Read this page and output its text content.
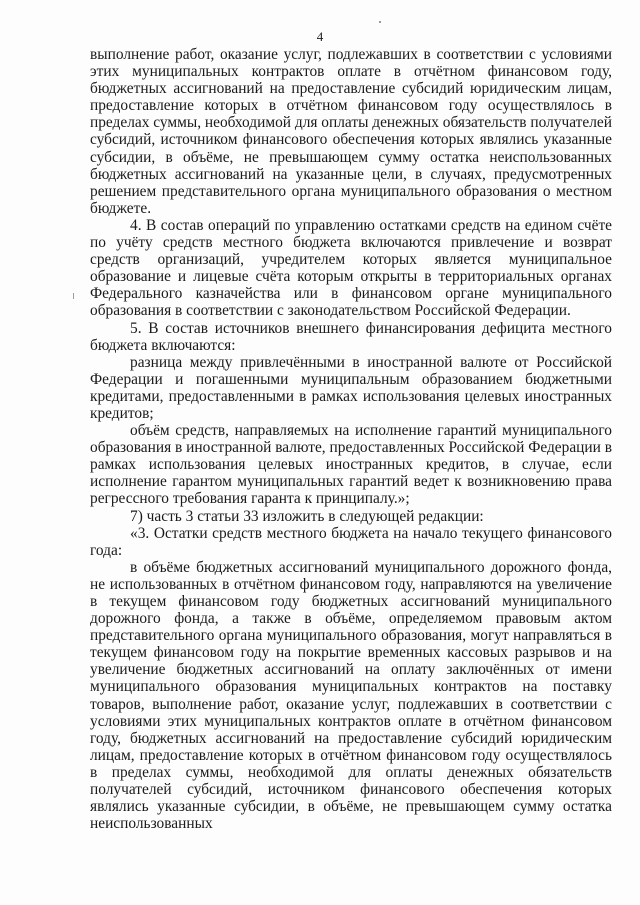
4

выполнение работ, оказание услуг, подлежавших в соответствии с условиями этих муниципальных контрактов оплате в отчётном финансовом году, бюджетных ассигнований на предоставление субсидий юридическим лицам, предоставление которых в отчётном финансовом году осуществлялось в пределах суммы, необходимой для оплаты денежных обязательств получателей субсидий, источником финансового обеспечения которых являлись указанные субсидии, в объёме, не превышающем сумму остатка неиспользованных бюджетных ассигнований на указанные цели, в случаях, предусмотренных решением представительного органа муниципального образования о местном бюджете.

4. В состав операций по управлению остатками средств на едином счёте по учёту средств местного бюджета включаются привлечение и возврат средств организаций, учредителем которых является муниципальное образование и лицевые счёта которым открыты в территориальных органах Федерального казначейства или в финансовом органе муниципального образования в соответствии с законодательством Российской Федерации.

5. В состав источников внешнего финансирования дефицита местного бюджета включаются:

разница между привлечёнными в иностранной валюте от Российской Федерации и погашенными муниципальным образованием бюджетными кредитами, предоставленными в рамках использования целевых иностранных кредитов;

объём средств, направляемых на исполнение гарантий муниципального образования в иностранной валюте, предоставленных Российской Федерации в рамках использования целевых иностранных кредитов, в случае, если исполнение гарантом муниципальных гарантий ведет к возникновению права регрессного требования гаранта к принципалу.»;

7) часть 3 статьи 33 изложить в следующей редакции:

«3. Остатки средств местного бюджета на начало текущего финансового года:

в объёме бюджетных ассигнований муниципального дорожного фонда, не использованных в отчётном финансовом году, направляются на увеличение в текущем финансовом году бюджетных ассигнований муниципального дорожного фонда, а также в объёме, определяемом правовым актом представительного органа муниципального образования, могут направляться в текущем финансовом году на покрытие временных кассовых разрывов и на увеличение бюджетных ассигнований на оплату заключённых от имени муниципального образования муниципальных контрактов на поставку товаров, выполнение работ, оказание услуг, подлежавших в соответствии с условиями этих муниципальных контрактов оплате в отчётном финансовом году, бюджетных ассигнований на предоставление субсидий юридическим лицам, предоставление которых в отчётном финансовом году осуществлялось в пределах суммы, необходимой для оплаты денежных обязательств получателей субсидий, источником финансового обеспечения которых являлись указанные субсидии, в объёме, не превышающем сумму остатка неиспользованных
